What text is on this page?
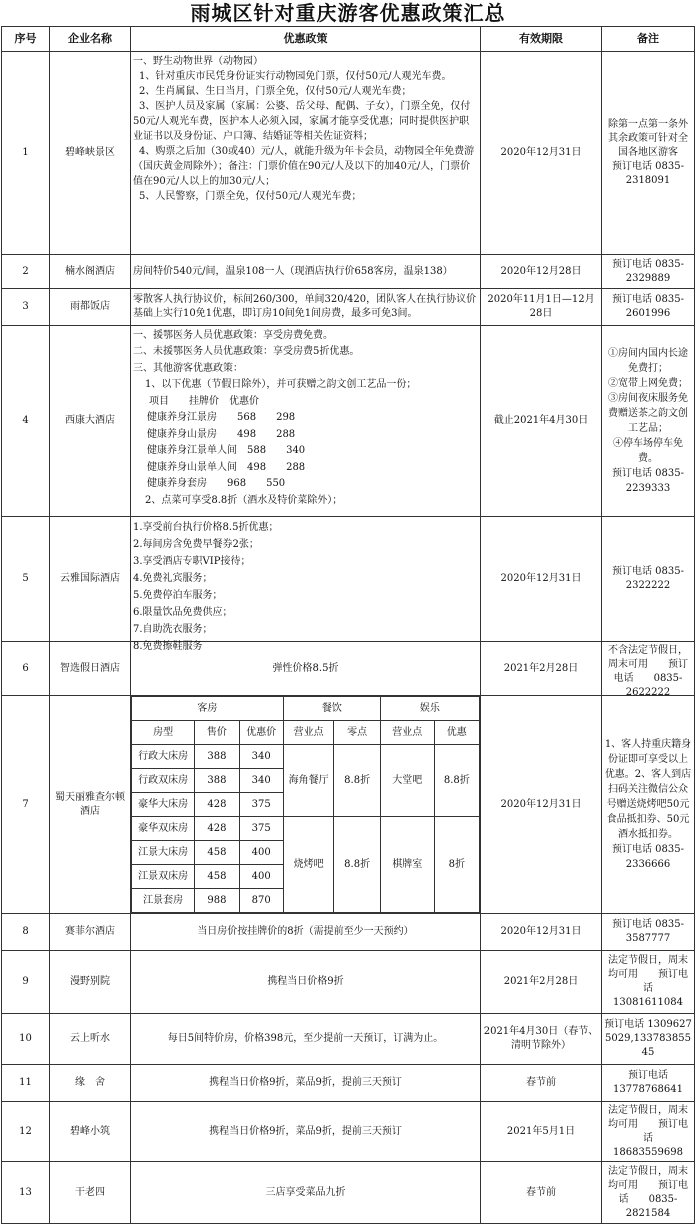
雨城区针对重庆游客优惠政策汇总
序号	企业名称	优惠政策	有效期限	备注
1	碧峰峡景区	
一、野生动物世界（动物园）
1、针对重庆市民凭身份证实行动物园免门票，仅付50元/人观光车费。
2、生肖属鼠、生日当月，门票全免，仅付50元/人观光车费；
3、医护人员及家属（家属：公婆、岳父母、配偶、子女），门票全免，仅付50元/人观光车费，医护本人必须入园，家属才能享受优惠；同时提供医护职业证书以及身份证、户口簿、结婚证等相关佐证资料；
4、购票之后加（30或40）元/人，就能升级为年卡会员，动物园全年免费游（国庆黄金周除外）；备注：门票价值在90元/人及以下的加40元/人，门票价值在90元/人以上的加30元/人；
5、人民警察，门票全免，仅付50元/人观光车费；
	2020年12月31日	除第一点第一条外其余政策可针对全国各地区游客
预订电话 0835-2318091
2	楠水阁酒店	房间特价540元/间，温泉108一人（现酒店执行价658客房，温泉138）	2020年12月28日	预订电话 0835-2329889
3	雨都饭店	零散客人执行协议价，标间260/300，单间320/420，团队客人在执行协议价基础上实行10免1优惠，即订房10间免1间房费，最多可免3间。	2020年11月1日—12月28日	预订电话 0835-2601996
4	西康大酒店	
一、援鄂医务人员优惠政策：享受房费免费。
二、未援鄂医务人员优惠政策：享受房费5折优惠。
三、其他游客优惠政策：
1、以下优惠（节假日除外），并可获赠之韵文创工艺品一份；
项目　　挂牌价　优惠价
健康养身江景房　　568　　298
健康养身山景房　　498　　288
健康养身江景单人间　588　　340
健康养身山景单人间　498　　288
健康养身套房　　968　　550
2、点菜可享受8.8折（酒水及特价菜除外）；
	截止2021年4月30日	①房间内国内长途免费打；
②宽带上网免费；
③房间夜床服务免费赠送茶之韵文创工艺品；
④停车场停车免费。
预订电话 0835-2239333
5	云雅国际酒店	
1.享受前台执行价格8.5折优惠；
2.每间房含免费早餐券2张；
3.享受酒店专职VIP接待；
4.免费礼宾服务；
5.免费停泊车服务；
6.限量饮品免费供应；
7.自助洗衣服务；
8.免费擦鞋服务
	2020年12月31日	预订电话 0835-2322222
6	智选假日酒店	弹性价格8.5折	2021年2月28日	
不含法定节假日，周末可用　　预订电话　　0835-2622222

7	蜀天丽雅查尔顿酒店	
客房	餐饮	娱乐
房型	售价	优惠价	营业点	零点	营业点	优惠
行政大床房	388	340	海角餐厅	8.8折	大堂吧	8.8折
行政双床房	388	340
豪华大床房	428	375
豪华双床房	428	375	烧烤吧	8.8折	棋牌室	8折
江景大床房	458	400
江景双床房	458	400
江景套房	988	870
	2020年12月31日	1、客人持重庆籍身份证即可享受以上优惠。2、客人到店扫码关注微信公众号赠送烧烤吧50元食品抵扣券、50元酒水抵扣券。
预订电话 0835-2336666
8	赛菲尔酒店	当日房价按挂牌价的8折（需提前至少一天预约）	2020年12月31日	预订电话 0835-3587777
9	漫野别院	携程当日价格9折	2021年2月28日	法定节假日，周末均可用　　预订电话　13081611084
10	云上听水	每日5间特价房，价格398元，至少提前一天预订，订满为止。	2021年4月30日（春节、清明节除外）	预订电话 13096275029,13378385545
11	缘　舍	携程当日价格9折，菜品9折，提前三天预订	春节前	预订电话 13778768641
12	碧峰小筑	携程当日价格9折，菜品9折，提前三天预订	2021年5月1日	法定节假日，周末均可用　　预订电话　18683559698
13	干老四	三店享受菜品九折	春节前	法定节假日，周末均可用　　预订电话　　0835-2821584
